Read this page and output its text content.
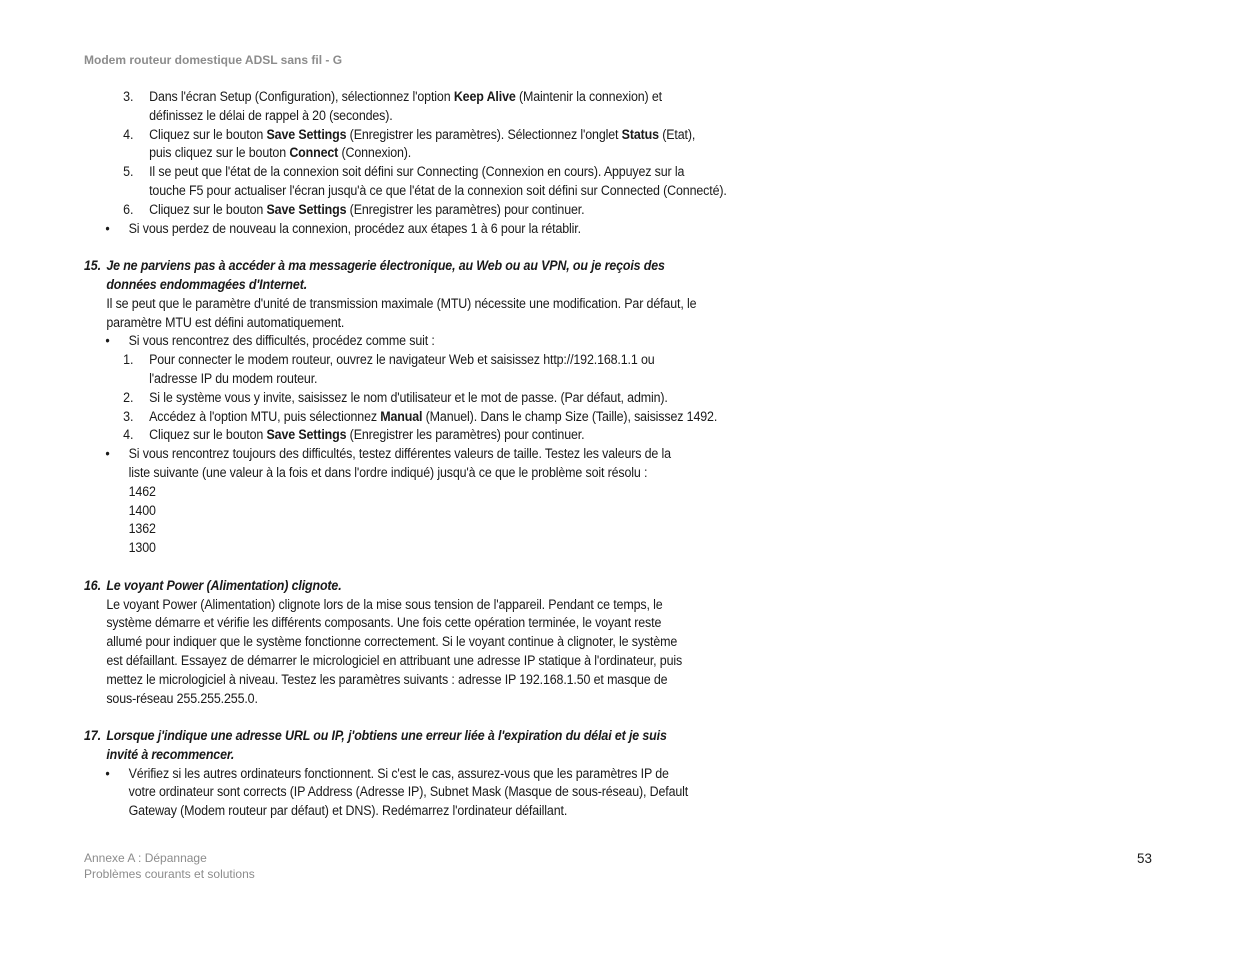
Modem routeur domestique ADSL sans fil - G
3. Dans l'écran Setup (Configuration), sélectionnez l'option Keep Alive (Maintenir la connexion) et
définissez le délai de rappel à 20 (secondes).
4. Cliquez sur le bouton Save Settings (Enregistrer les paramètres). Sélectionnez l'onglet Status (Etat),
puis cliquez sur le bouton Connect (Connexion).
5. Il se peut que l'état de la connexion soit défini sur Connecting (Connexion en cours). Appuyez sur la
touche F5 pour actualiser l'écran jusqu'à ce que l'état de la connexion soit défini sur Connected (Connecté).
6. Cliquez sur le bouton Save Settings (Enregistrer les paramètres) pour continuer.
• Si vous perdez de nouveau la connexion, procédez aux étapes 1 à 6 pour la rétablir.
15. Je ne parviens pas à accéder à ma messagerie électronique, au Web ou au VPN, ou je reçois des
données endommagées d'Internet.
Il se peut que le paramètre d'unité de transmission maximale (MTU) nécessite une modification. Par défaut, le
paramètre MTU est défini automatiquement.
• Si vous rencontrez des difficultés, procédez comme suit :
1. Pour connecter le modem routeur, ouvrez le navigateur Web et saisissez http://192.168.1.1 ou
l'adresse IP du modem routeur.
2. Si le système vous y invite, saisissez le nom d'utilisateur et le mot de passe. (Par défaut, admin).
3. Accédez à l'option MTU, puis sélectionnez Manual (Manuel). Dans le champ Size (Taille), saisissez 1492.
4. Cliquez sur le bouton Save Settings (Enregistrer les paramètres) pour continuer.
• Si vous rencontrez toujours des difficultés, testez différentes valeurs de taille. Testez les valeurs de la
liste suivante (une valeur à la fois et dans l'ordre indiqué) jusqu'à ce que le problème soit résolu :
1462
1400
1362
1300
16. Le voyant Power (Alimentation) clignote.
Le voyant Power (Alimentation) clignote lors de la mise sous tension de l'appareil. Pendant ce temps, le
système démarre et vérifie les différents composants. Une fois cette opération terminée, le voyant reste
allumé pour indiquer que le système fonctionne correctement. Si le voyant continue à clignoter, le système
est défaillant. Essayez de démarrer le micrologiciel en attribuant une adresse IP statique à l'ordinateur, puis
mettez le micrologiciel à niveau. Testez les paramètres suivants : adresse IP 192.168.1.50 et masque de
sous-réseau 255.255.255.0.
17. Lorsque j'indique une adresse URL ou IP, j'obtiens une erreur liée à l'expiration du délai et je suis
invité à recommencer.
• Vérifiez si les autres ordinateurs fonctionnent. Si c'est le cas, assurez-vous que les paramètres IP de
votre ordinateur sont corrects (IP Address (Adresse IP), Subnet Mask (Masque de sous-réseau), Default
Gateway (Modem routeur par défaut) et DNS). Redémarrez l'ordinateur défaillant.
Annexe A : Dépannage
Problèmes courants et solutions
53
